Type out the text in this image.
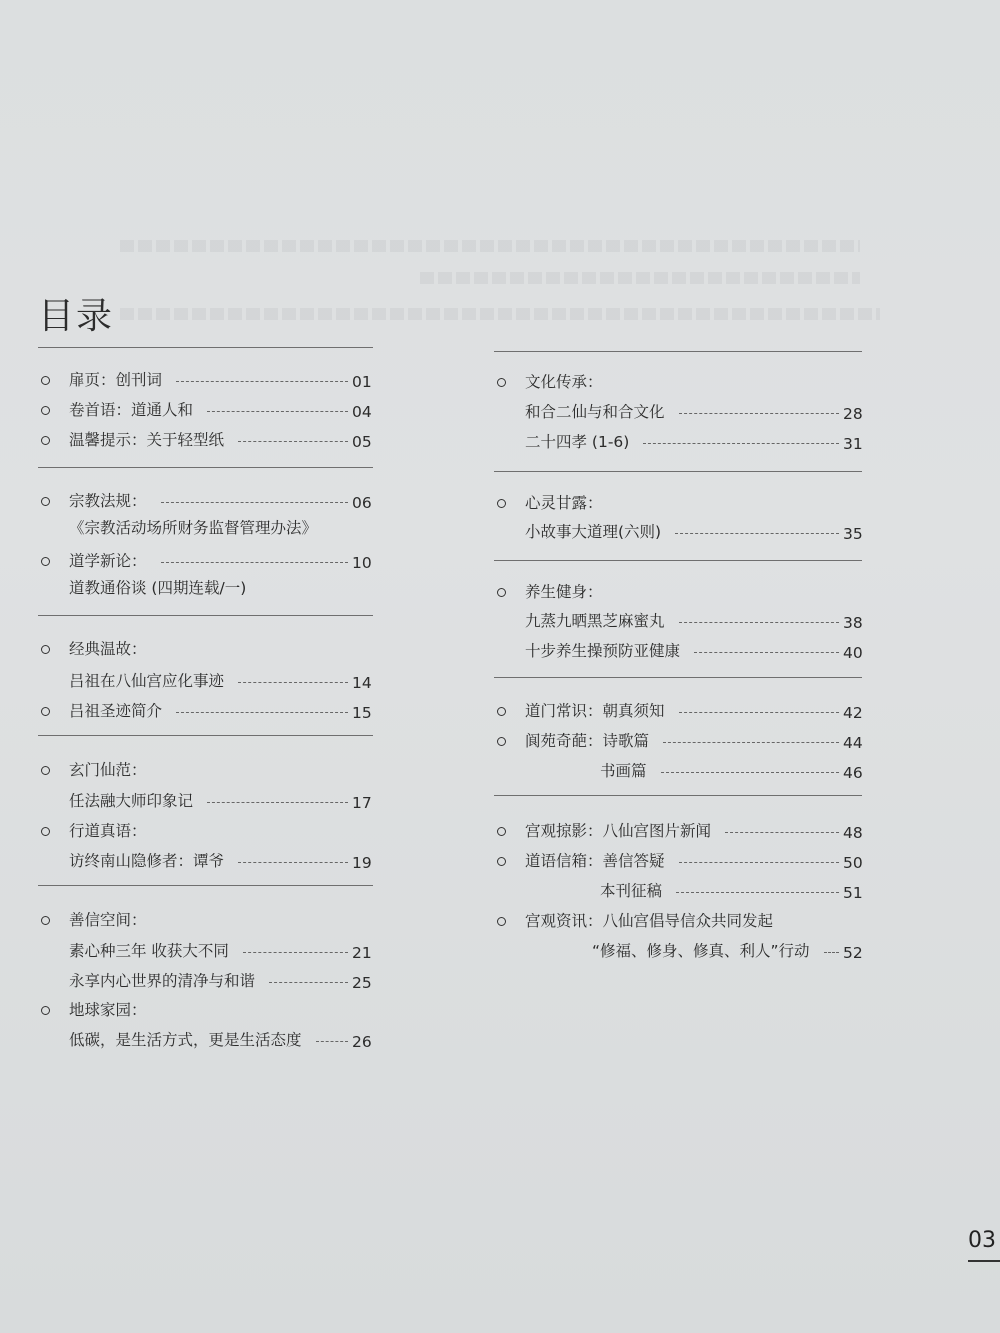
目录
扉页：创刊词	01
卷首语：道通人和	04
温馨提示：关于轻型纸	05
宗教法规：	06
《宗教活动场所财务监督管理办法》
道学新论：	10
道教通俗谈 (四期连载/一)
经典温故：
吕祖在八仙宫应化事迹	14
吕祖圣迹简介	15
玄门仙范：
任法融大师印象记	17
行道真语：
访终南山隐修者：谭爷	19
善信空间：
素心种三年 收获大不同	21
永享内心世界的清净与和谐	25
地球家园：
低碳，是生活方式，更是生活态度	26
文化传承：
和合二仙与和合文化	28
二十四孝 (1-6)	31
心灵甘露：
小故事大道理(六则)	35
养生健身：
九蒸九晒黑芝麻蜜丸	38
十步养生操预防亚健康	40
道门常识：朝真须知	42
阆苑奇葩：诗歌篇	44
书画篇	46
宫观掠影：八仙宫图片新闻	48
道语信箱：善信答疑	50
本刊征稿	51
宫观资讯：八仙宫倡导信众共同发起
“修福、修身、修真、利人”行动 52
03
